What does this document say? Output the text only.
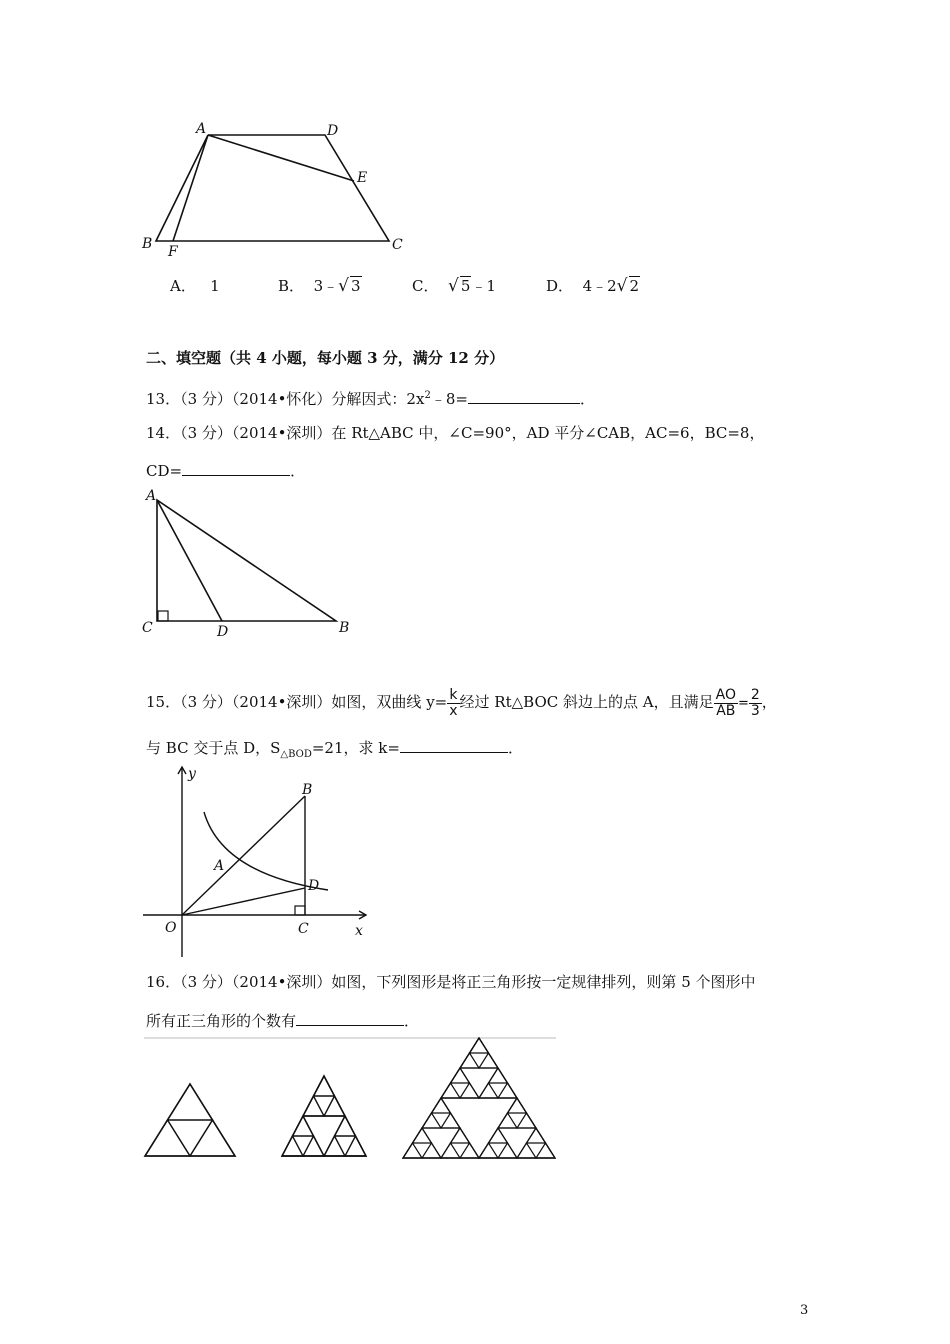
A	D
E
B F	C
A． 1	B． 3﹣√ 3	C． √ 5﹣1	D． 4﹣2√ 2
二、填空题（共 4 小题，每小题 3 分，满分 12 分）
13．（3 分）（2014•怀化）分解因式：$2x^2﹣8=$	．
14．（3 分）（2014•深圳）在 Rt△ABC 中，∠C=90°，AD 平分∠CAB，AC=6，BC=8，
CD=	．
A
C	D	B
15．（3 分）（2014•深圳）如图，双曲线 $y= \frac{k}{x}$ 经过 Rt△BOC 斜边上的点 A，且满足 $\frac{AO}{AB} = \frac{2}{3}$ ，
与 BC 交于点 D，$S_{\triangle BOD}=21$，求 k=	．
y
B
A
D
O	C	x
16．（3 分）（2014•深圳）如图，下列图形是将正三角形按一定规律排列，则第 5 个图形中
所有正三角形的个数有	．
3
